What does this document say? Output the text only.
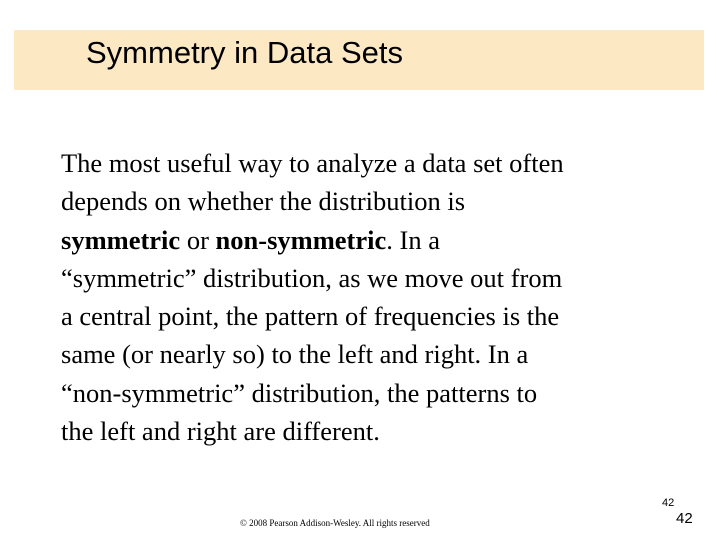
Symmetry in Data Sets
The most useful way to analyze a data set often
depends on whether the distribution is
symmetric or non-symmetric. In a
“symmetric” distribution, as we move out from
a central point, the pattern of frequencies is the
same (or nearly so) to the left and right. In a
“non-symmetric” distribution, the patterns to
the left and right are different.
© 2008 Pearson Addison-Wesley. All rights reserved
42
42
